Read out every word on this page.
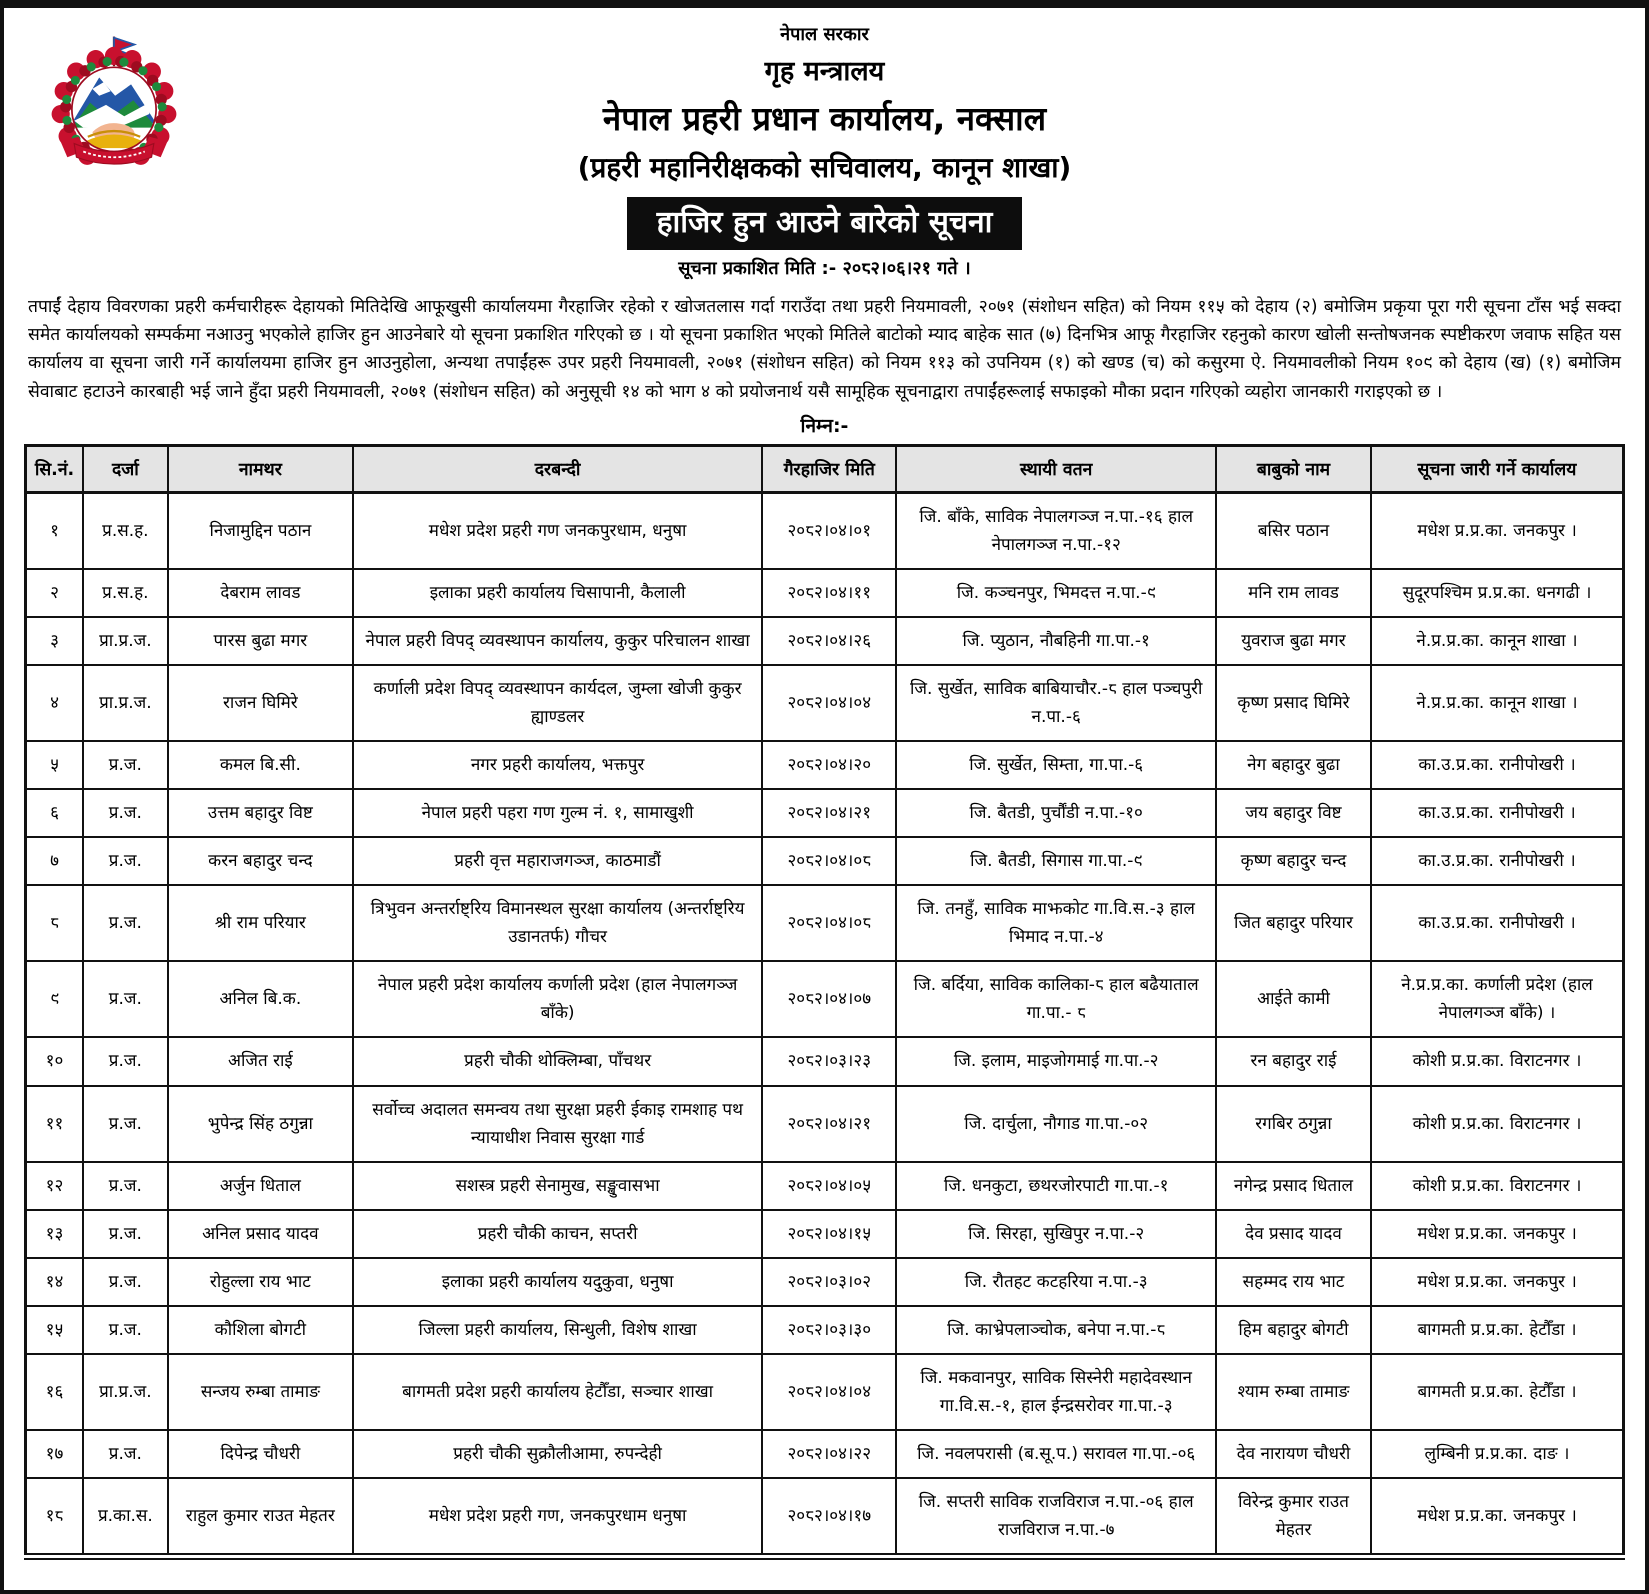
नेपाल सरकार
गृह मन्त्रालय
नेपाल प्रहरी प्रधान कार्यालय, नक्साल
(प्रहरी महानिरीक्षकको सचिवालय, कानून शाखा)
हाजिर हुन आउने बारेको सूचना
सूचना प्रकाशित मिति :- २०८२।०६।२१ गते ।

तपाईं देहाय विवरणका प्रहरी कर्मचारीहरू देहायको मितिदेखि आफूखुसी कार्यालयमा गैरहाजिर रहेको र खोजतलास गर्दा गराउँदा तथा प्रहरी नियमावली, २०७१ (संशोधन सहित) को नियम ११५ को देहाय (२) बमोजिम प्रकृया पूरा गरी सूचना टाँस भई सक्दा समेत कार्यालयको सम्पर्कमा नआउनु भएकोले हाजिर हुन आउनेबारे यो सूचना प्रकाशित गरिएको छ । यो सूचना प्रकाशित भएको मितिले बाटोको म्याद बाहेक सात (७) दिनभित्र आफू गैरहाजिर रहनुको कारण खोली सन्तोषजनक स्पष्टीकरण जवाफ सहित यस कार्यालय वा सूचना जारी गर्ने कार्यालयमा हाजिर हुन आउनुहोला, अन्यथा तपाईंहरू उपर प्रहरी नियमावली, २०७१ (संशोधन सहित) को नियम ११३ को उपनियम (१) को खण्ड (च) को कसुरमा ऐ. नियमावलीको नियम १०९ को देहाय (ख) (१) बमोजिम सेवाबाट हटाउने कारबाही भई जाने हुँदा प्रहरी नियमावली, २०७१ (संशोधन सहित) को अनुसूची १४ को भाग ४ को प्रयोजनार्थ यसै सामूहिक सूचनाद्वारा तपाईंहरूलाई सफाइको मौका प्रदान गरिएको व्यहोरा जानकारी गराइएको छ ।

निम्न:-
सि.नं.	दर्जा	नामथर	दरबन्दी	गैरहाजिर मिति	स्थायी वतन	बाबुको नाम	सूचना जारी गर्ने कार्यालय
१	प्र.स.ह.	निजामुद्दिन पठान	मधेश प्रदेश प्रहरी गण जनकपुरधाम, धनुषा	२०८२।०४।०१	जि. बाँके, साविक नेपालगञ्ज न.पा.-१६ हाल नेपालगञ्ज न.पा.-१२	बसिर पठान	मधेश प्र.प्र.का. जनकपुर ।
२	प्र.स.ह.	देबराम लावड	इलाका प्रहरी कार्यालय चिसापानी, कैलाली	२०८२।०४।११	जि. कञ्चनपुर, भिमदत्त न.पा.-९	मनि राम लावड	सुदूरपश्चिम प्र.प्र.का. धनगढी ।
३	प्रा.प्र.ज.	पारस बुढा मगर	नेपाल प्रहरी विपद् व्यवस्थापन कार्यालय, कुकुर परिचालन शाखा	२०८२।०४।२६	जि. प्युठान, नौबहिनी गा.पा.-१	युवराज बुढा मगर	ने.प्र.प्र.का. कानून शाखा ।
४	प्रा.प्र.ज.	राजन घिमिरे	कर्णाली प्रदेश विपद् व्यवस्थापन कार्यदल, जुम्ला खोजी कुकुर ह्याण्डलर	२०८२।०४।०४	जि. सुर्खेत, साविक बाबियाचौर.-८ हाल पञ्चपुरी न.पा.-६	कृष्ण प्रसाद घिमिरे	ने.प्र.प्र.का. कानून शाखा ।
५	प्र.ज.	कमल बि.सी.	नगर प्रहरी कार्यालय, भक्तपुर	२०८२।०४।२०	जि. सुर्खेत, सिम्ता, गा.पा.-६	नेग बहादुर बुढा	का.उ.प्र.का. रानीपोखरी ।
६	प्र.ज.	उत्तम बहादुर विष्ट	नेपाल प्रहरी पहरा गण गुल्म नं. १, सामाखुशी	२०८२।०४।२१	जि. बैतडी, पुर्चौंडी न.पा.-१०	जय बहादुर विष्ट	का.उ.प्र.का. रानीपोखरी ।
७	प्र.ज.	करन बहादुर चन्द	प्रहरी वृत्त महाराजगञ्ज, काठमाडौं	२०८२।०४।०८	जि. बैतडी, सिगास गा.पा.-९	कृष्ण बहादुर चन्द	का.उ.प्र.का. रानीपोखरी ।
८	प्र.ज.	श्री राम परियार	त्रिभुवन अन्तर्राष्ट्रिय विमानस्थल सुरक्षा कार्यालय (अन्तर्राष्ट्रिय उडानतर्फ) गौचर	२०८२।०४।०८	जि. तनहुँ, साविक माझकोट गा.वि.स.-३ हाल भिमाद न.पा.-४	जित बहादुर परियार	का.उ.प्र.का. रानीपोखरी ।
९	प्र.ज.	अनिल बि.क.	नेपाल प्रहरी प्रदेश कार्यालय कर्णाली प्रदेश (हाल नेपालगञ्ज बाँके)	२०८२।०४।०७	जि. बर्दिया, साविक कालिका-८ हाल बढैयाताल गा.पा.- ८	आईते कामी	ने.प्र.प्र.का. कर्णाली प्रदेश (हाल नेपालगञ्ज बाँके) ।
१०	प्र.ज.	अजित राई	प्रहरी चौकी थोक्लिम्बा, पाँचथर	२०८२।०३।२३	जि. इलाम, माइजोगमाई गा.पा.-२	रन बहादुर राई	कोशी प्र.प्र.का. विराटनगर ।
११	प्र.ज.	भुपेन्द्र सिंह ठगुन्ना	सर्वोच्च अदालत समन्वय तथा सुरक्षा प्रहरी ईकाइ रामशाह पथ न्यायाधीश निवास सुरक्षा गार्ड	२०८२।०४।२१	जि. दार्चुला, नौगाड गा.पा.-०२	रगबिर ठगुन्ना	कोशी प्र.प्र.का. विराटनगर ।
१२	प्र.ज.	अर्जुन धिताल	सशस्त्र प्रहरी सेनामुख, सङ्खुवासभा	२०८२।०४।०५	जि. धनकुटा, छथरजोरपाटी गा.पा.-१	नगेन्द्र प्रसाद धिताल	कोशी प्र.प्र.का. विराटनगर ।
१३	प्र.ज.	अनिल प्रसाद यादव	प्रहरी चौकी काचन, सप्तरी	२०८२।०४।१५	जि. सिरहा, सुखिपुर न.पा.-२	देव प्रसाद यादव	मधेश प्र.प्र.का. जनकपुर ।
१४	प्र.ज.	रोहुल्ला राय भाट	इलाका प्रहरी कार्यालय यदुकुवा, धनुषा	२०८२।०३।०२	जि. रौतहट कटहरिया न.पा.-३	सहम्मद राय भाट	मधेश प्र.प्र.का. जनकपुर ।
१५	प्र.ज.	कौशिला बोगटी	जिल्ला प्रहरी कार्यालय, सिन्धुली, विशेष शाखा	२०८२।०३।३०	जि. काभ्रेपलाञ्चोक, बनेपा न.पा.-८	हिम बहादुर बोगटी	बागमती प्र.प्र.का. हेटौँडा ।
१६	प्रा.प्र.ज.	सन्जय रुम्बा तामाङ	बागमती प्रदेश प्रहरी कार्यालय हेटौँडा, सञ्चार शाखा	२०८२।०४।०४	जि. मकवानपुर, साविक सिस्नेरी महादेवस्थान गा.वि.स.-१, हाल ईन्द्रसरोवर गा.पा.-३	श्याम रुम्बा तामाङ	बागमती प्र.प्र.का. हेटौँडा ।
१७	प्र.ज.	दिपेन्द्र चौधरी	प्रहरी चौकी सुक्रौलीआमा, रुपन्देही	२०८२।०४।२२	जि. नवलपरासी (ब.सू.प.) सरावल गा.पा.-०६	देव नारायण चौधरी	लुम्बिनी प्र.प्र.का. दाङ ।
१८	प्र.का.स.	राहुल कुमार राउत मेहतर	मधेश प्रदेश प्रहरी गण, जनकपुरधाम धनुषा	२०८२।०४।१७	जि. सप्तरी साविक राजविराज न.पा.-०६ हाल राजविराज न.पा.-७	विरेन्द्र कुमार राउत मेहतर	मधेश प्र.प्र.का. जनकपुर ।
